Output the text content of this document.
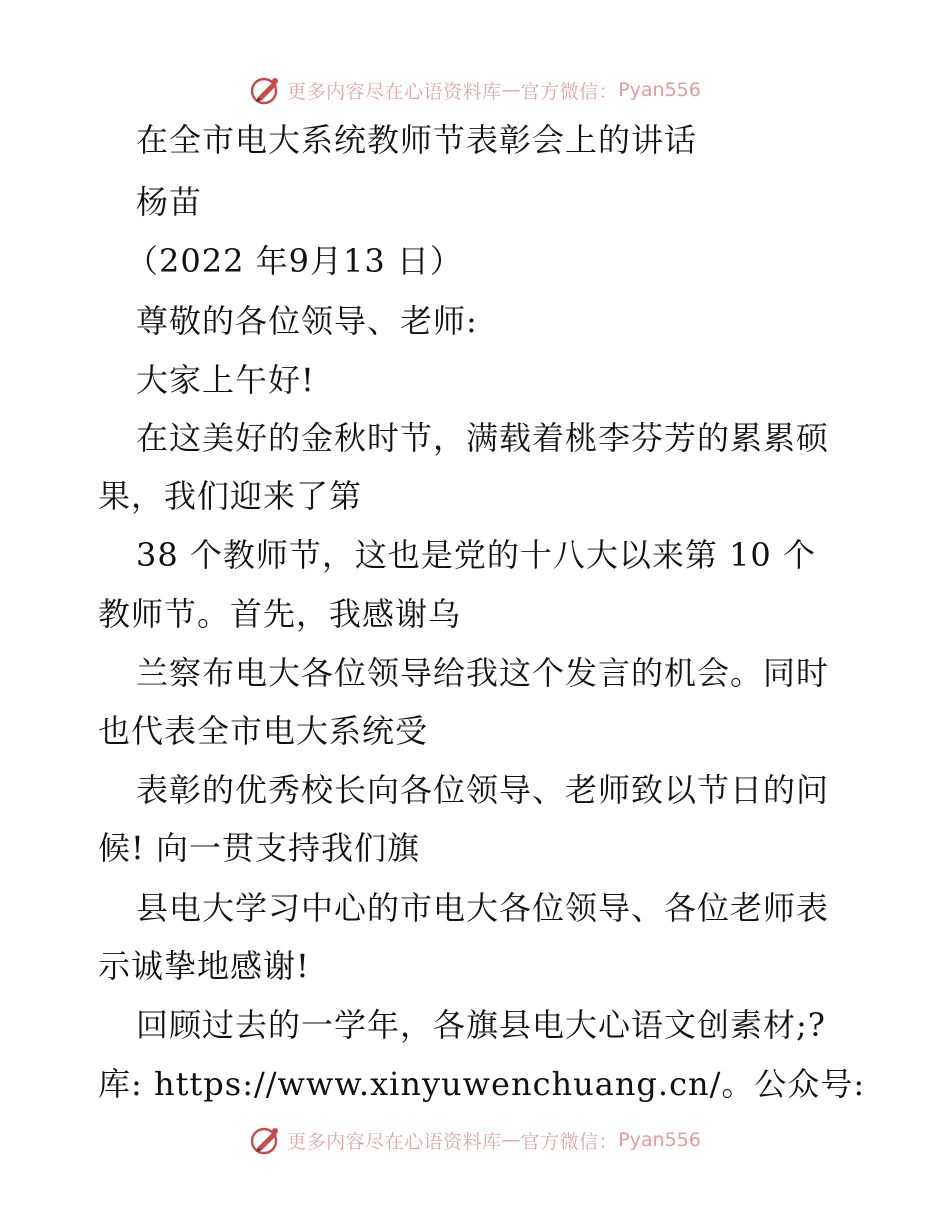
更多内容尽在心语资料库 — 官方微信： Pyan556
在全市电大系统教师节表彰会上的讲话
杨苗
（2022 年9月13 日）
尊敬的各位领导、老师:
大家上午好!
在这美好的金秋时节，满载着桃李芬芳的累累硕
果，我们迎来了第
38 个教师节，这也是党的十八大以来第 10 个
教师节。首先，我感谢乌
兰察布电大各位领导给我这个发言的机会。同时
也代表全市电大系统受
表彰的优秀校长向各位领导、老师致以节日的问
候! 向一贯支持我们旗
县电大学习中心的市电大各位领导、各位老师表
示诚挚地感谢!
回顾过去的一学年，各旗县电大心语文创素材;?
库: https://www.xinyuwenchuang.cn/。公众号:
更多内容尽在心语资料库 — 官方微信： Pyan556
